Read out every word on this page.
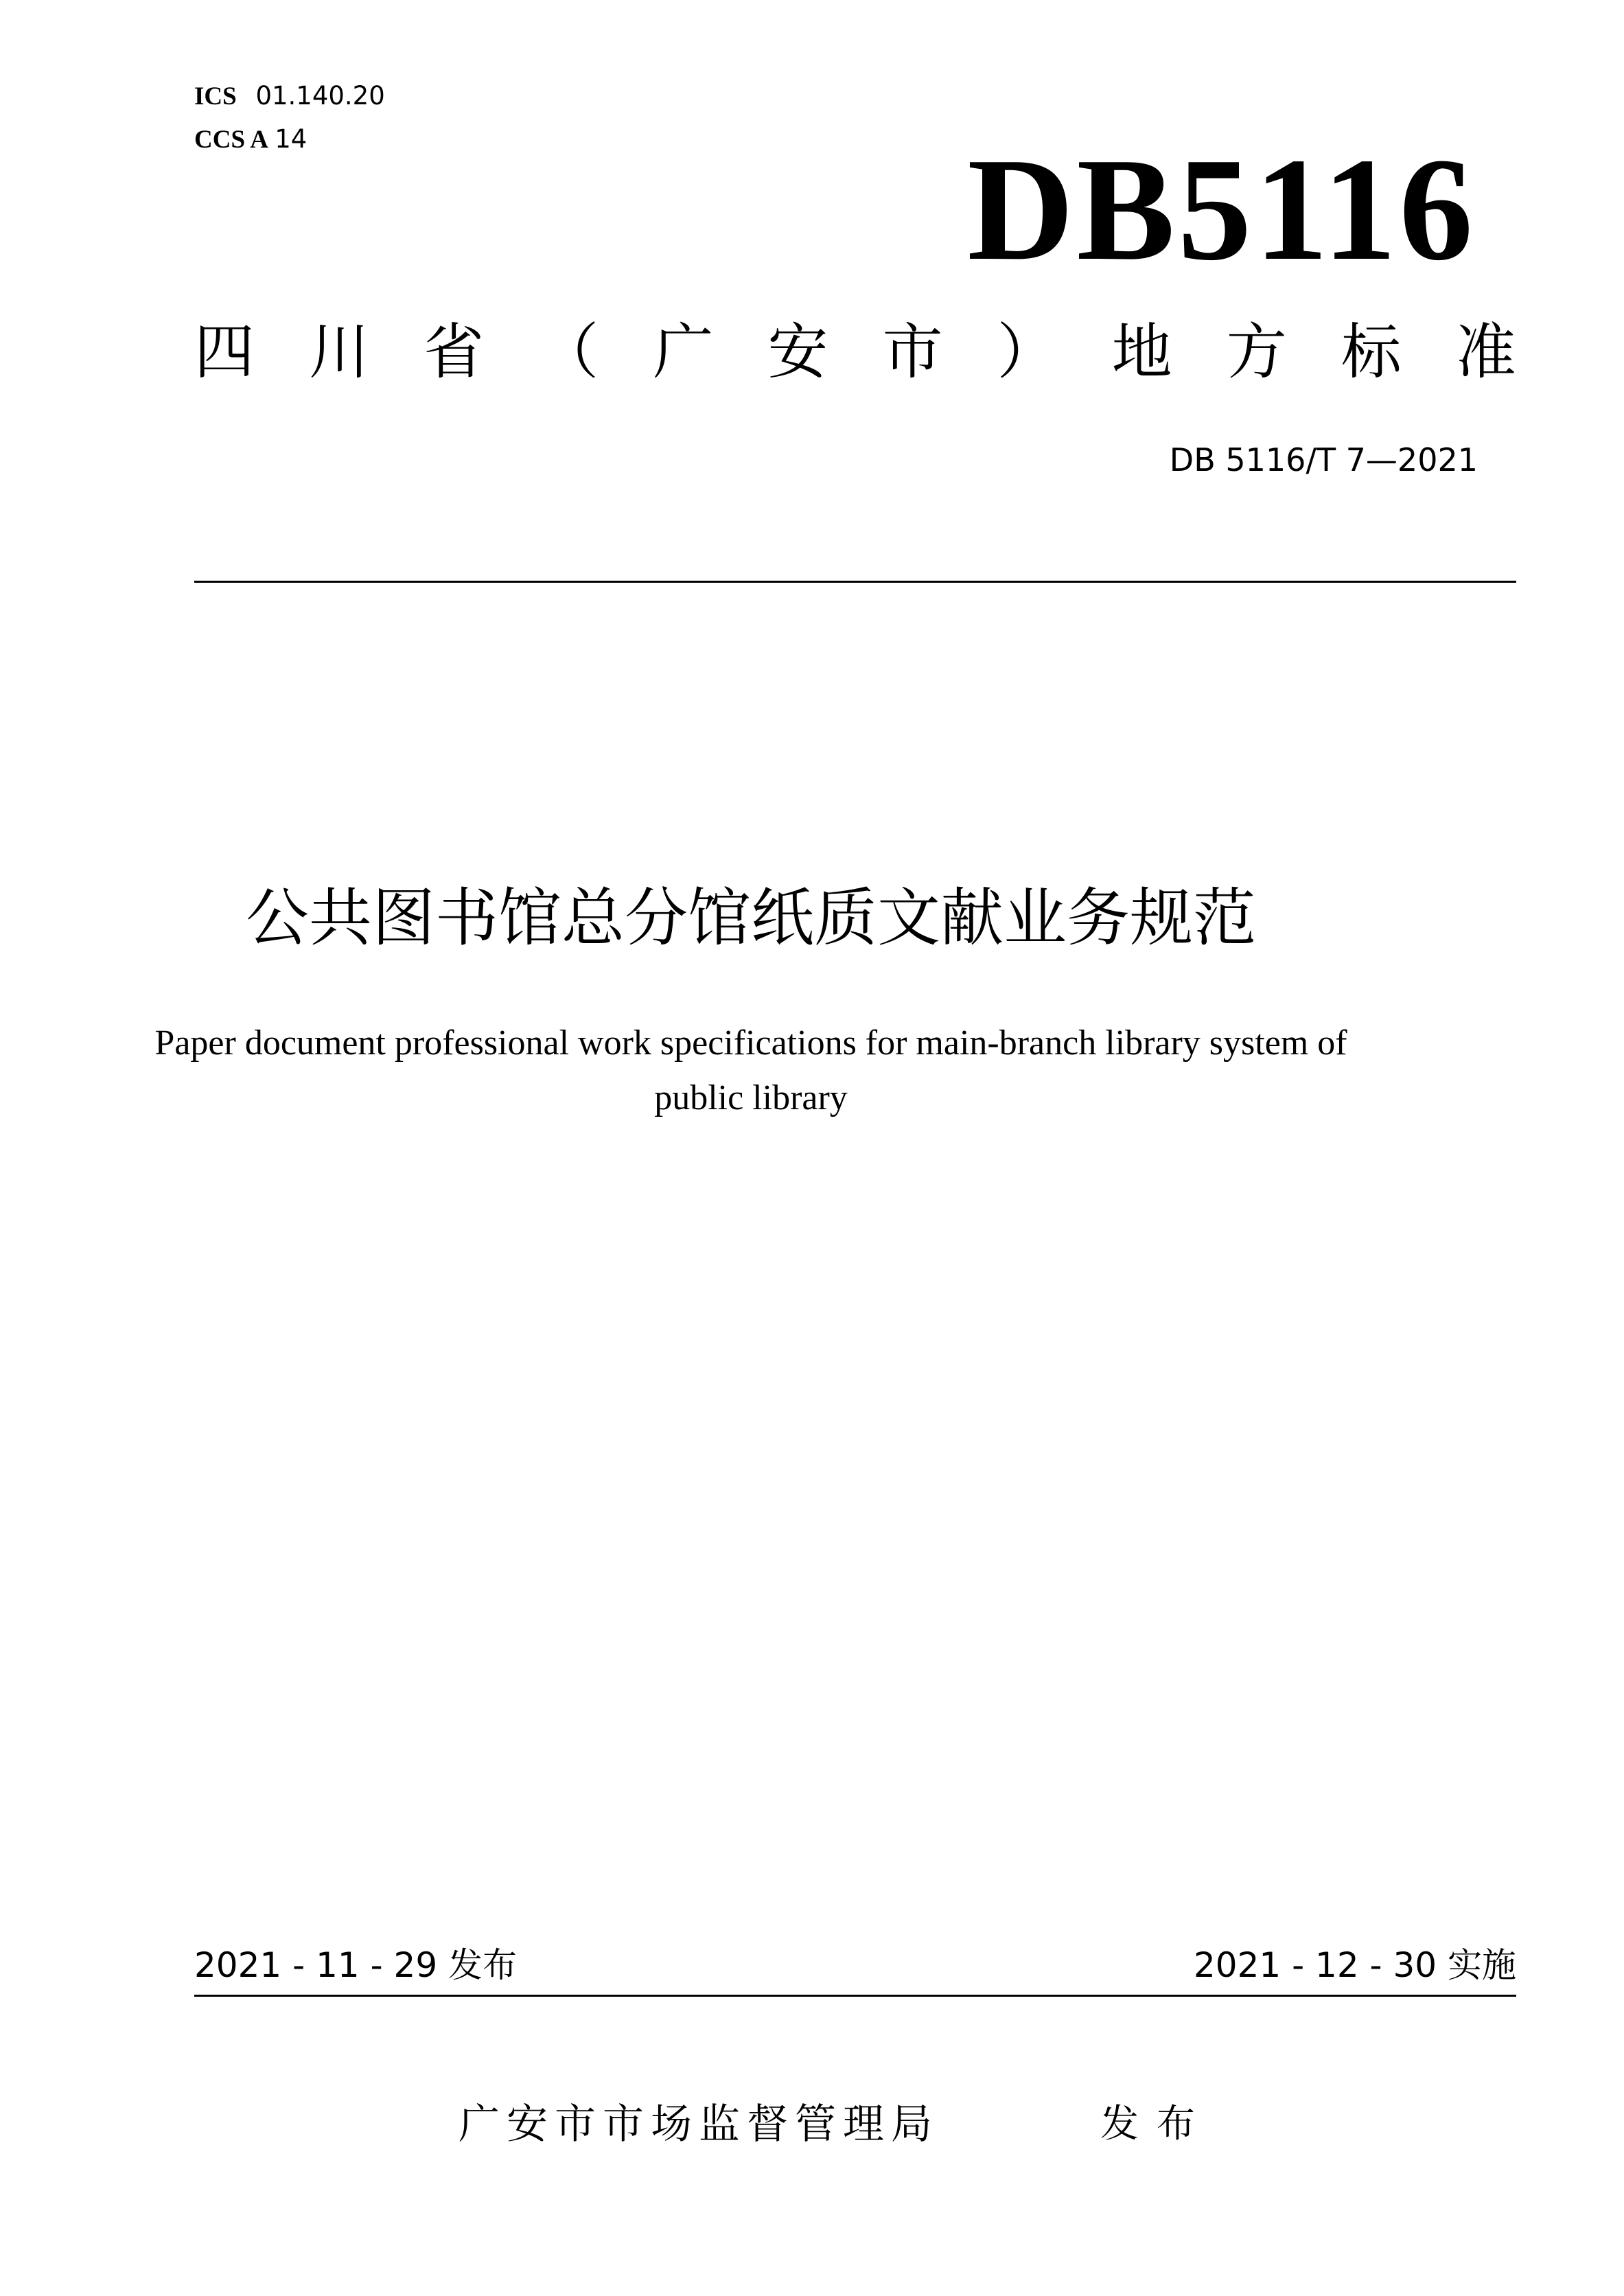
ICS 01.140.20
CCS A 14	DB5116
四 川 省 （ 广 安 市 ） 地 方 标 准
DB 5116/T 7—2021
公共图书馆总分馆纸质文献业务规范
Paper document professional work specifications for main-branch library system of
public library
2021 - 11 - 29 发布	2021 - 12 - 30 实施
广安市市场监督管理局	发布
